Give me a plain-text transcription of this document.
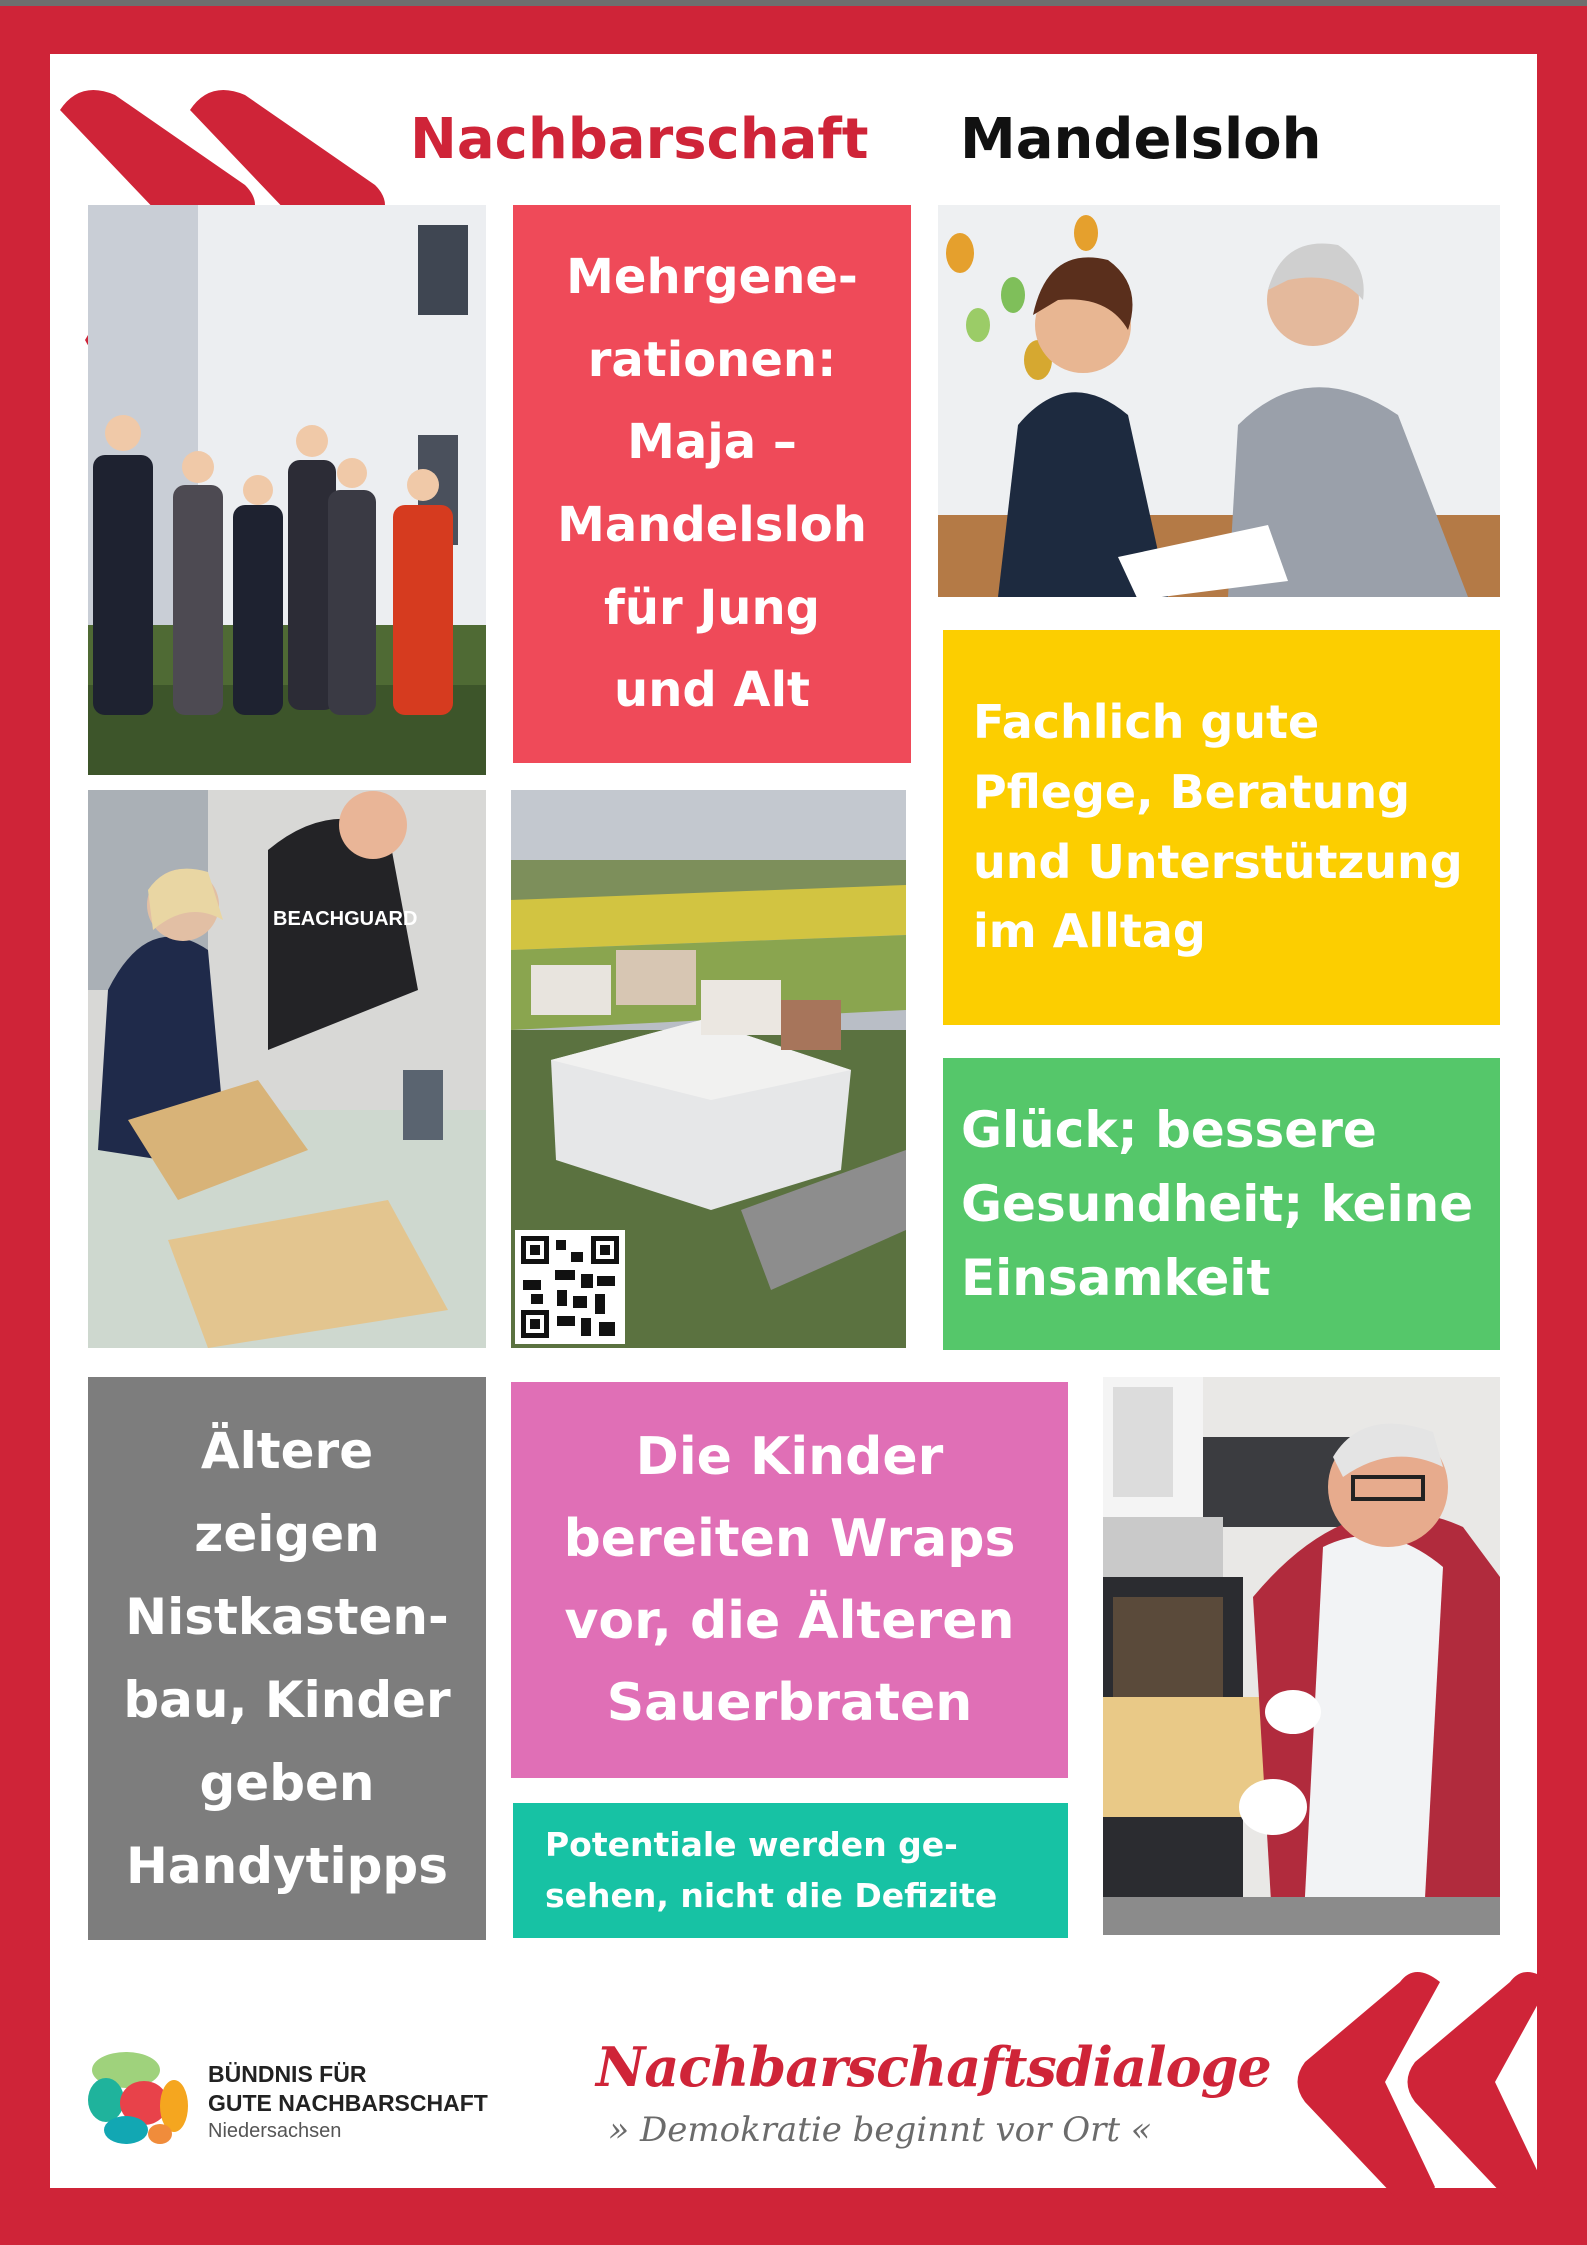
Nachbarschaft Mandelsloh
Mehrgene-
rationen:
Maja –
Mandelsloh
für Jung
und Alt
Fachlich gute
Pflege, Beratung
und Unterstützung
im Alltag
BEACHGUARD
Glück; bessere
Gesundheit; keine
Einsamkeit
Ältere
zeigen
Nistkasten-
bau, Kinder
geben
Handytipps
Die Kinder
bereiten Wraps
vor, die Älteren
Sauerbraten
Potentiale werden ge-
sehen, nicht die Defizite
BÜNDNIS FÜR
GUTE NACHBARSCHAFT
Niedersachsen
Nachbarschaftsdialoge
» Demokratie beginnt vor Ort «
